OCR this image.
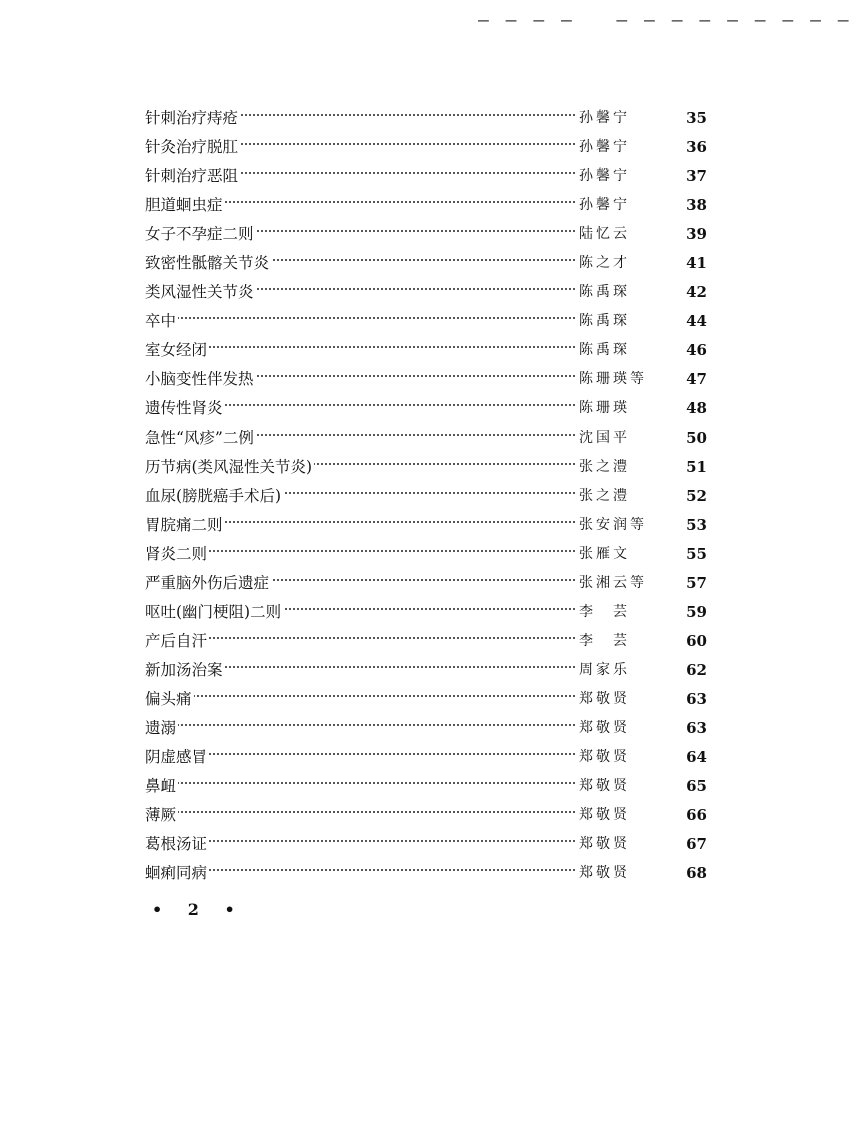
– – – –   – – – – – – – – –
针刺治疗痔疮	孙馨宁	35
针灸治疗脱肛	孙馨宁	36
针刺治疗恶阻	孙馨宁	37
胆道蛔虫症	孙馨宁	38
女子不孕症二则	陆忆云	39
致密性骶髂关节炎	陈之才	41
类风湿性关节炎	陈禹琛	42
卒中	陈禹琛	44
室女经闭	陈禹琛	46
小脑变性伴发热	陈珊瑛等	47
遗传性肾炎	陈珊瑛	48
急性“风疹”二例	沈国平	50
历节病(类风湿性关节炎)	张之澧	51
血尿(膀胱癌手术后)	张之澧	52
胃脘痛二则	张安润等	53
肾炎二则	张雁文	55
严重脑外伤后遗症	张湘云等	57
呕吐(幽门梗阻)二则	李　芸	59
产后自汗	李　芸	60
新加汤治案	周家乐	62
偏头痛	郑敬贤	63
遗溺	郑敬贤	63
阴虚感冒	郑敬贤	64
鼻衄	郑敬贤	65
薄厥	郑敬贤	66
葛根汤证	郑敬贤	67
蛔痢同病	郑敬贤	68
• 2 •
